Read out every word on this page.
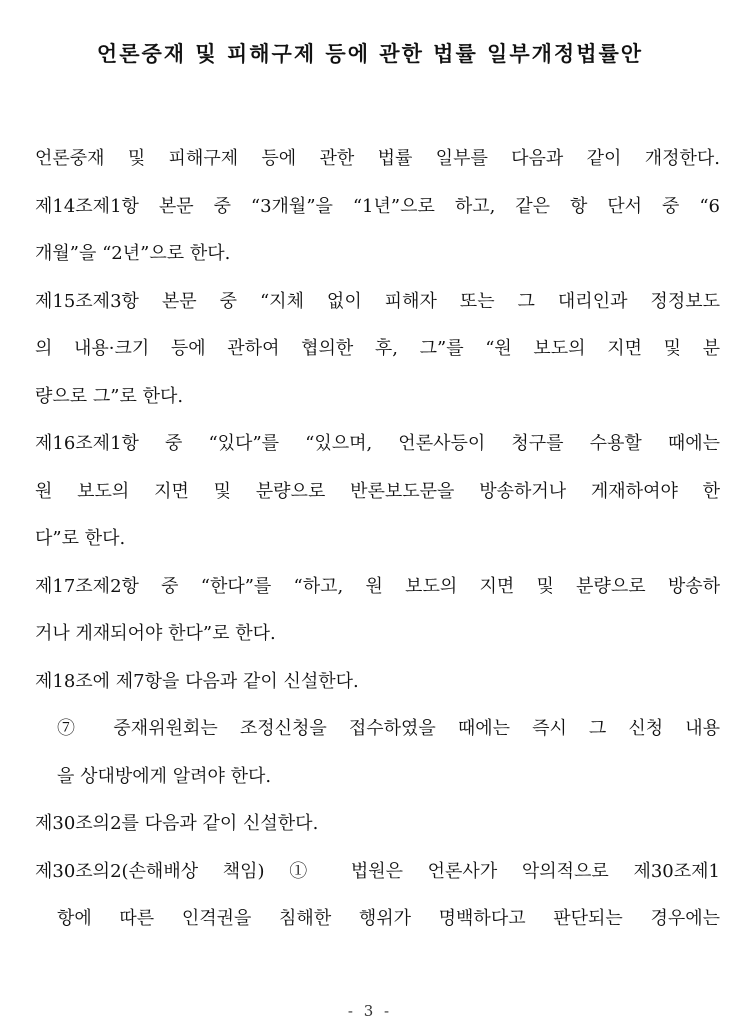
언론중재 및 피해구제 등에 관한 법률 일부개정법률안
언론중재 및 피해구제 등에 관한 법률 일부를 다음과 같이 개정한다.
제14조제1항 본문 중 “3개월”을 “1년”으로 하고, 같은 항 단서 중 “6
개월”을 “2년”으로 한다.
제15조제3항 본문 중 “지체 없이 피해자 또는 그 대리인과 정정보도
의 내용·크기 등에 관하여 협의한 후, 그”를 “원 보도의 지면 및 분
량으로 그”로 한다.
제16조제1항 중 “있다”를 “있으며, 언론사등이 청구를 수용할 때에는
원 보도의 지면 및 분량으로 반론보도문을 방송하거나 게재하여야 한
다”로 한다.
제17조제2항 중 “한다”를 “하고, 원 보도의 지면 및 분량으로 방송하
거나 게재되어야 한다”로 한다.
제18조에 제7항을 다음과 같이 신설한다.
⑦ 중재위원회는 조정신청을 접수하였을 때에는 즉시 그 신청 내용
을 상대방에게 알려야 한다.
제30조의2를 다음과 같이 신설한다.
제30조의2(손해배상 책임) ① 법원은 언론사가 악의적으로 제30조제1
항에 따른 인격권을 침해한 행위가 명백하다고 판단되는 경우에는
- 3 -
